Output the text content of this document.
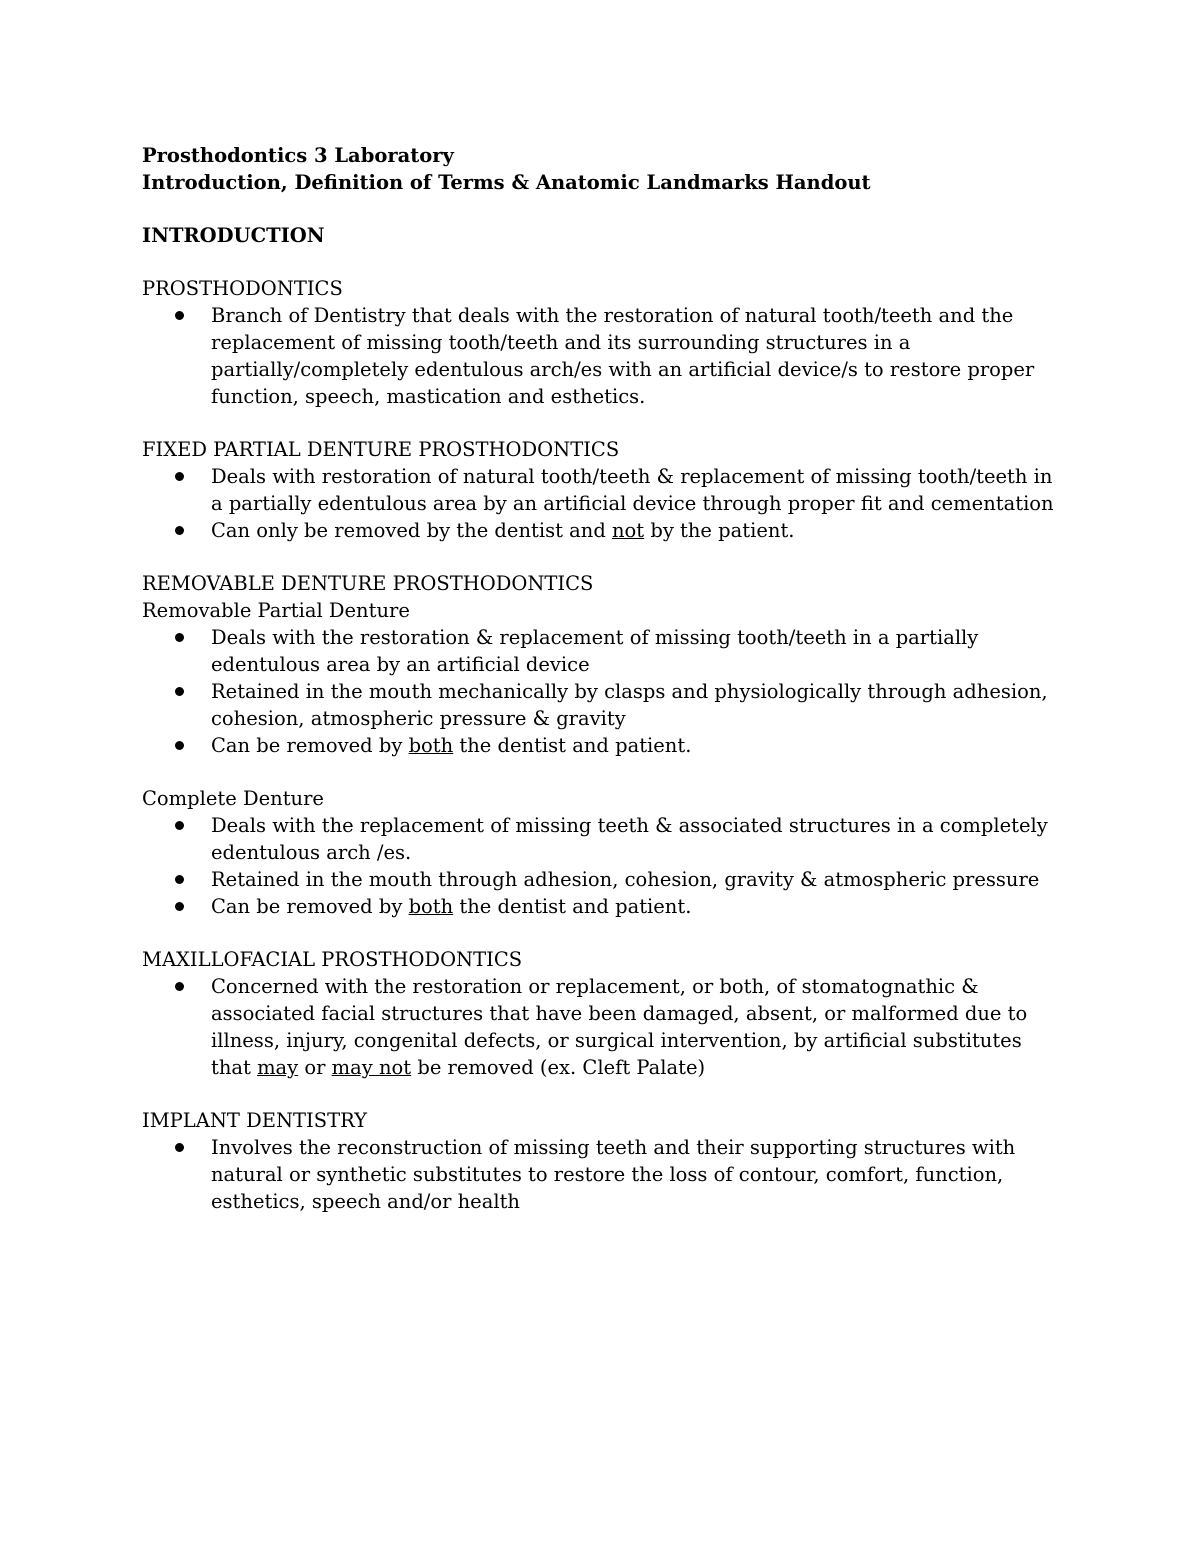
Prosthodontics 3 Laboratory
Introduction, Definition of Terms & Anatomic Landmarks Handout
INTRODUCTION
PROSTHODONTICS
Branch of Dentistry that deals with the restoration of natural tooth/teeth and the replacement of missing tooth/teeth and its surrounding structures in a partially/completely edentulous arch/es with an artificial device/s to restore proper function, speech, mastication and esthetics.
FIXED PARTIAL DENTURE PROSTHODONTICS
Deals with restoration of natural tooth/teeth & replacement of missing tooth/teeth in a partially edentulous area by an artificial device through proper fit and cementation
Can only be removed by the dentist and not by the patient.
REMOVABLE DENTURE PROSTHODONTICS
Removable Partial Denture
Deals with the restoration & replacement of missing tooth/teeth in a partially edentulous area by an artificial device
Retained in the mouth mechanically by clasps and physiologically through adhesion, cohesion, atmospheric pressure & gravity
Can be removed by both the dentist and patient.
Complete Denture
Deals with the replacement of missing teeth & associated structures in a completely edentulous arch /es.
Retained in the mouth through adhesion, cohesion, gravity & atmospheric pressure
Can be removed by both the dentist and patient.
MAXILLOFACIAL PROSTHODONTICS
Concerned with the restoration or replacement, or both, of stomatognathic & associated facial structures that have been damaged, absent, or malformed due to illness, injury, congenital defects, or surgical intervention, by artificial substitutes that may or may not be removed (ex. Cleft Palate)
IMPLANT DENTISTRY
Involves the reconstruction of missing teeth and their supporting structures with natural or synthetic substitutes to restore the loss of contour, comfort, function, esthetics, speech and/or health
